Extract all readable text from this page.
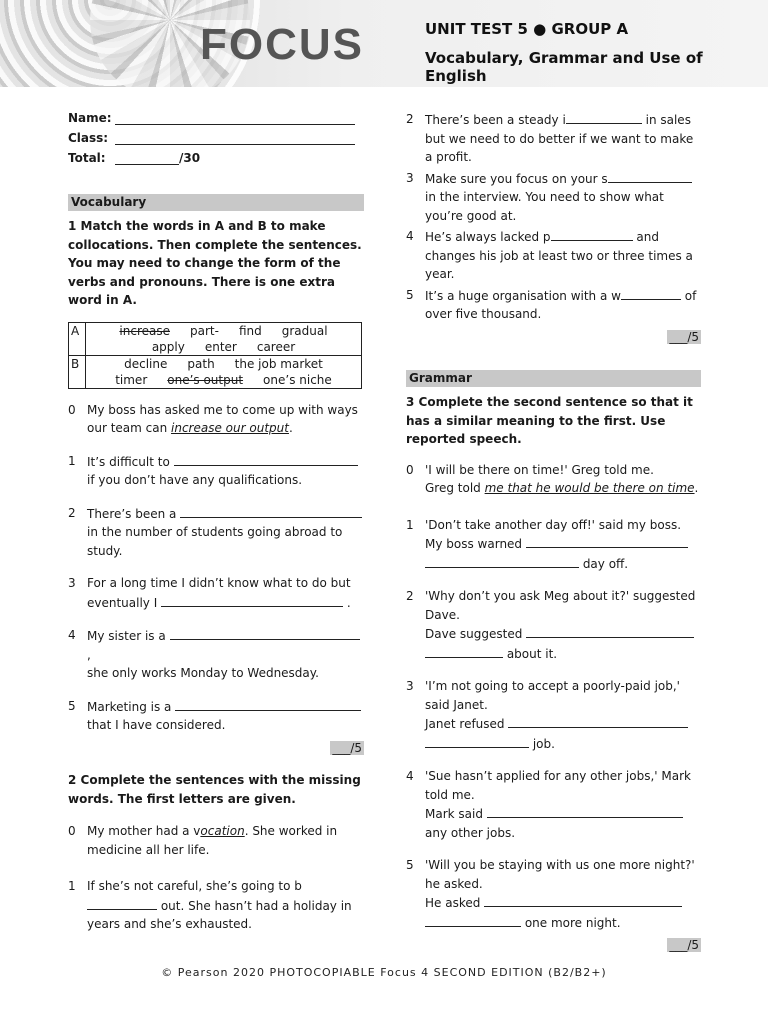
FOCUS	UNIT TEST 5 ● GROUP A
Vocabulary, Grammar and Use of English
Name:
Class:
Total:	/30
Vocabulary
1 Match the words in A and B to make collocations. Then complete the sentences. You may need to change the form of the verbs and pronouns. There is one extra word in A.
A	increase part- find gradual
apply enter career
B	decline path the job market
timer one’s output one’s niche
0 My boss has asked me to come up with ways our team can increase our output.
1 It’s difficult to
if you don’t have any qualifications.
2 There’s been a
in the number of students going abroad to study.
3 For a long time I didn’t know what to do but eventually I	.
4 My sister is a  ,
she only works Monday to Wednesday.
5 Marketing is a
that I have considered.
___/5
2 Complete the sentences with the missing words. The first letters are given.
0 My mother had a vocation. She worked in medicine all her life.
1 If she’s not careful, she’s going to b out. She hasn’t had a holiday in years and she’s exhausted.
2 There’s been a steady i	in sales but we need to do better if we want to make a profit.
3 Make sure you focus on your s in the interview. You need to show what you’re good at.
4 He’s always lacked p	and changes his job at least two or three times a year.
5 It’s a huge organisation with a w	of over five thousand.
___/5
Grammar
3 Complete the second sentence so that it has a similar meaning to the first. Use reported speech.
0 'I will be there on time!' Greg told me.
Greg told me that he would be there on time.
1 'Don’t take another day off!' said my boss.
My boss warned
day off.
2 'Why don’t you ask Meg about it?' suggested Dave.
Dave suggested
about it.
3 'I’m not going to accept a poorly-paid job,' said Janet.
Janet refused
job.
4 'Sue hasn’t applied for any other jobs,' Mark told me.
Mark said
any other jobs.
5 'Will you be staying with us one more night?' he asked.
He asked
one more night.
___/5
© Pearson 2020 PHOTOCOPIABLE Focus 4 SECOND EDITION (B2/B2+)
